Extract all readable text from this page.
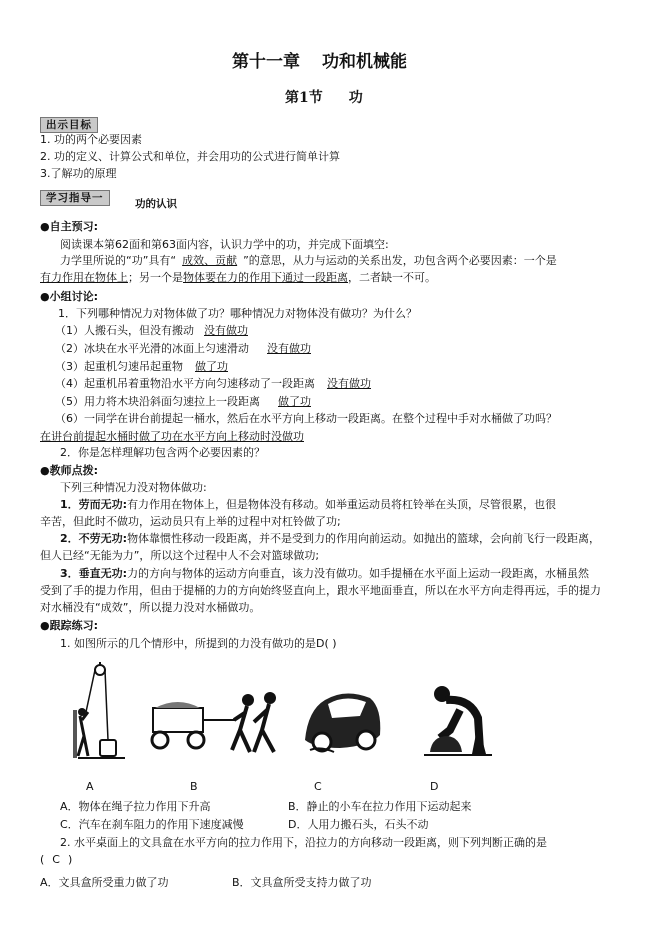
第十一章 功和机械能
第1节 功
出示目标
1. 功的两个必要因素
2. 功的定义、计算公式和单位，并会用功的公式进行简单计算
3.了解功的原理
学习指导一	功的认识
●自主预习:
阅读课本第62面和第63面内容，认识力学中的功，并完成下面填空:
力学里所说的“功”具有“ 成效、贡献 ”的意思，从力与运动的关系出发，功包含两个必要因素：一个是
有力作用在物体上；另一个是物体要在力的作用下通过一段距离，二者缺一不可。
●小组讨论:
1．下列哪种情况力对物体做了功？哪种情况力对物体没有做功？为什么？
（1）人搬石头，但没有搬动 没有做功
（2）冰块在水平光滑的冰面上匀速滑动 没有做功
（3）起重机匀速吊起重物 做了功
（4）起重机吊着重物沿水平方向匀速移动了一段距离 没有做功
（5）用力将木块沿斜面匀速拉上一段距离 做了功
（6）一同学在讲台前提起一桶水，然后在水平方向上移动一段距离。在整个过程中手对水桶做了功吗？
在讲台前提起水桶时做了功在水平方向上移动时没做功
2．你是怎样理解功包含两个必要因素的？
●教师点拨:
下列三种情况力没对物体做功:
1．劳而无功:有力作用在物体上，但是物体没有移动。如举重运动员将杠铃举在头顶，尽管很累，也很
辛苦，但此时不做功，运动员只有上举的过程中对杠铃做了功;
2．不劳无功:物体靠惯性移动一段距离，并不是受到力的作用向前运动。如抛出的篮球，会向前飞行一段距离，
但人已经“无能为力”，所以这个过程中人不会对篮球做功;
3．垂直无功:力的方向与物体的运动方向垂直，该力没有做功。如手提桶在水平面上运动一段距离，水桶虽然
受到了手的提力作用，但由于提桶的力的方向始终竖直向上，跟水平地面垂直，所以在水平方向走得再远，手的提力
对水桶没有“成效”，所以提力没对水桶做功。
●跟踪练习:
1. 如图所示的几个情形中，所提到的力没有做功的是D( )
A	B	C	D
A．物体在绳子拉力作用下升高	B．静止的小车在拉力作用下运动起来
C．汽车在刹车阻力的作用下速度减慢	D．人用力搬石头，石头不动
2. 水平桌面上的文具盒在水平方向的拉力作用下，沿拉力的方向移动一段距离，则下列判断正确的是
( C )
A．文具盒所受重力做了功	B．文具盒所受支持力做了功
